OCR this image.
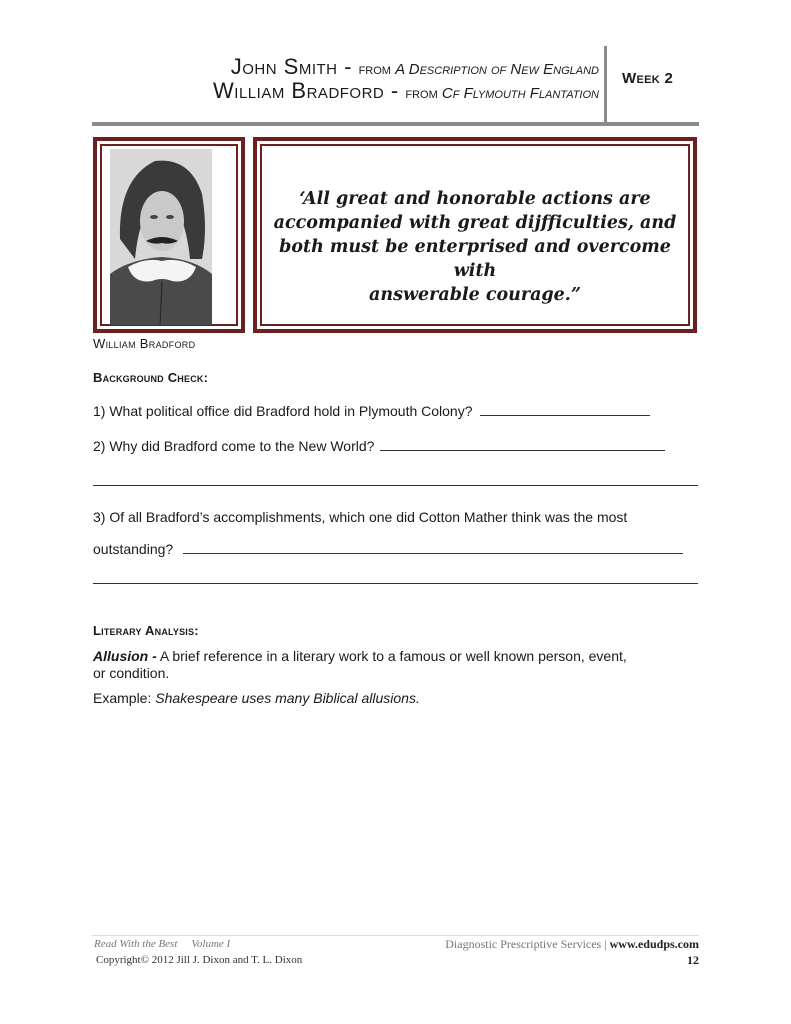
John Smith - from A Description of New England
William Bradford - from Cf Flymouth Flantation
Week 2
William Bradford
‘All great and honorable actions are
accompanied with great dĳfficulties, and
both must be enterprised and overcome with
answerable courage.”
Background Check:
1) What political office did Bradford hold in Plymouth Colony?
2) Why did Bradford come to the New World?
3) Of all Bradford’s accomplishments, which one did Cotton Mather think was the most
outstanding?
Literary Analysis:
Allusion - A brief reference in a literary work to a famous or well known person, event,
or condition.
Example: Shakespeare uses many Biblical allusions.
Read With the Best Volume I
Copyright© 2012 Jill J. Dixon and T. L. Dixon
Diagnostic Prescriptive Services | www.edudps.com
12
